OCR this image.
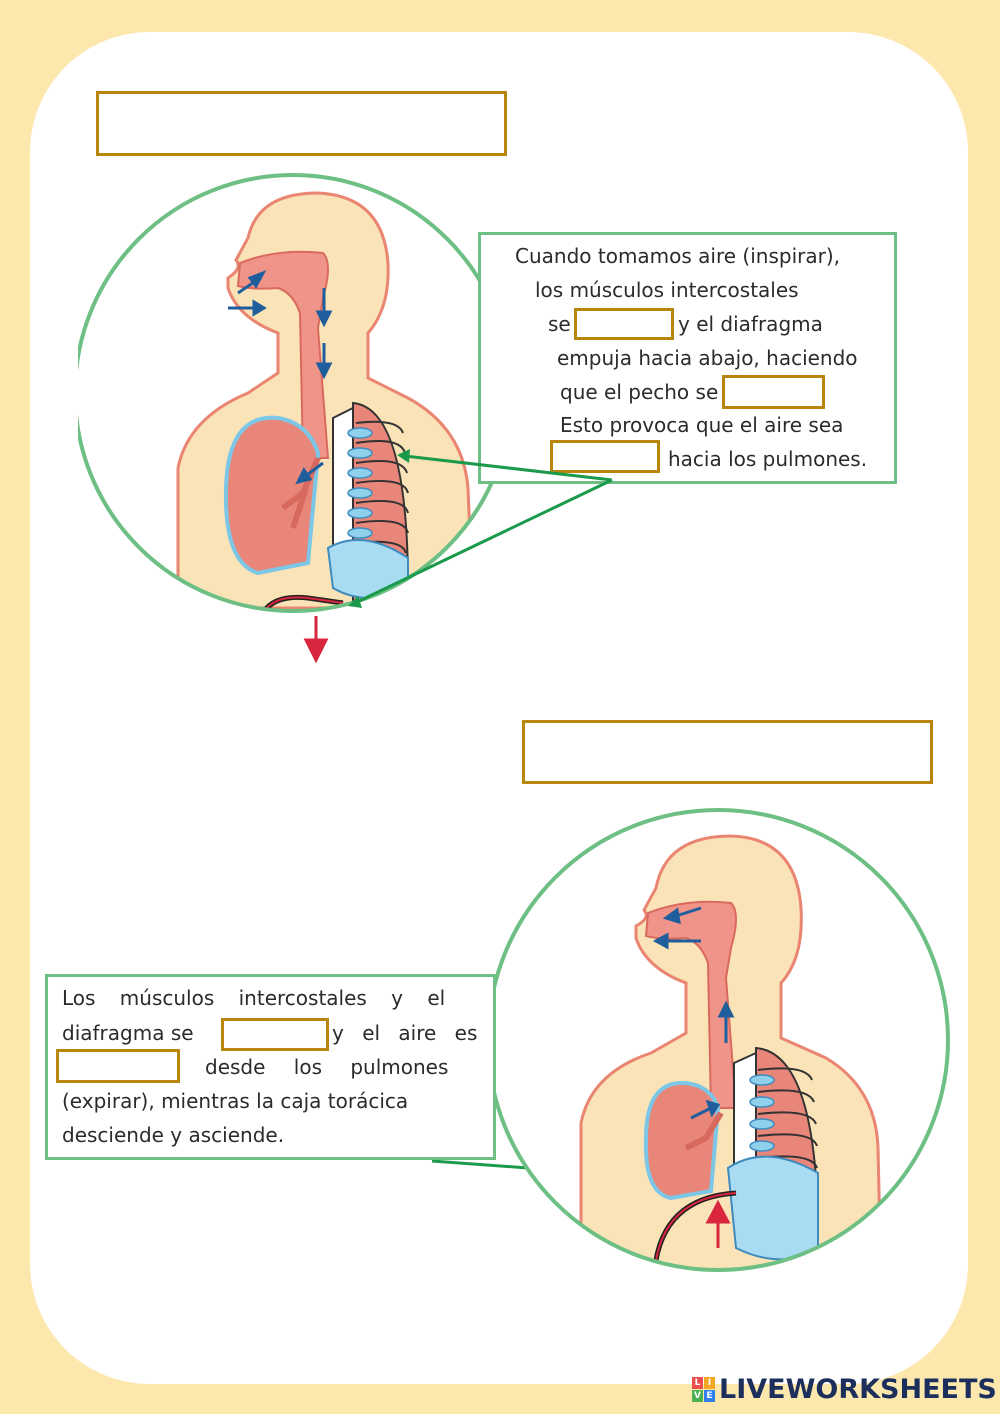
Cuando tomamos aire (inspirar),
los músculos intercostales
se	y el diafragma
empuja hacia abajo, haciendo
que el pecho se
Esto provoca que el aire sea
hacia los pulmones.
Los músculos intercostales y el
diafragma se	y el aire es
desde los pulmones
(expirar), mientras la caja torácica
desciende y asciende.
L I
V E LIVEWORKSHEETS
